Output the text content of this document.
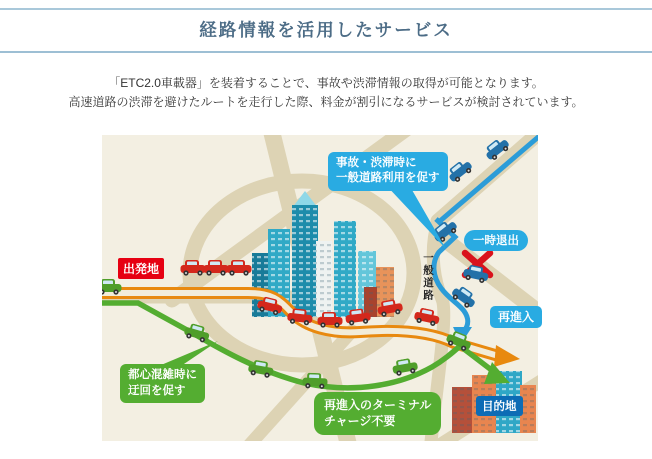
経路情報を活用したサービス

「ETC2.0車載器」を装着することで、事故や渋滞情報の取得が可能となります。
高速道路の渋滞を避けたルートを走行した際、料金が割引になるサービスが検討されています。

事故・渋滞時に
一般道路利用を促す
一時退出
一般道路
再進入
出発地
都心混雑時に
迂回を促す
再進入のターミナル
チャージ不要
目的地
